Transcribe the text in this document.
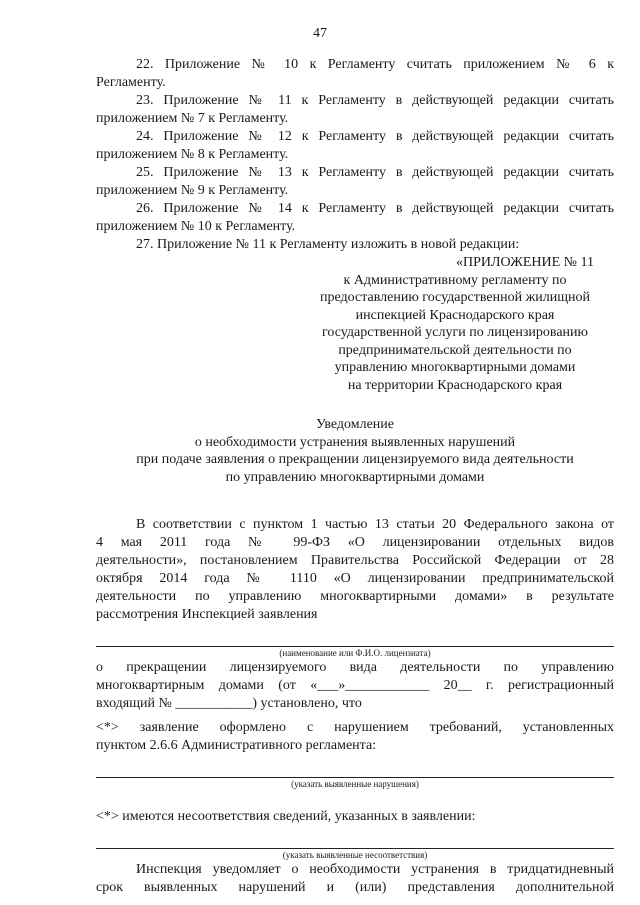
47

22. Приложение № 10 к Регламенту считать приложением № 6 к

Регламенту.

23. Приложение № 11 к Регламенту в действующей редакции считать

приложением № 7 к Регламенту.

24. Приложение № 12 к Регламенту в действующей редакции считать

приложением № 8 к Регламенту.

25. Приложение № 13 к Регламенту в действующей редакции считать

приложением № 9 к Регламенту.

26. Приложение № 14 к Регламенту в действующей редакции считать

приложением № 10 к Регламенту.

27. Приложение № 11 к Регламенту изложить в новой редакции:

«ПРИЛОЖЕНИЕ № 11
к Административному регламенту по
предоставлению государственной жилищной
инспекцией Краснодарского края
государственной услуги по лицензированию
предпринимательской деятельности по
управлению многоквартирными домами
на территории Краснодарского края
Уведомление
о необходимости устранения выявленных нарушений
при подаче заявления о прекращении лицензируемого вида деятельности
по управлению многоквартирными домами

В соответствии с пунктом 1 частью 13 статьи 20 Федерального закона от

4 мая 2011 года № 99-ФЗ «О лицензировании отдельных видов

деятельности», постановлением Правительства Российской Федерации от 28

октября 2014 года № 1110 «О лицензировании предпринимательской

деятельности по управлению многоквартирными домами» в результате

рассмотрения Инспекцией заявления

(наименование или Ф.И.О. лицензиата)

о прекращении лицензируемого вида деятельности по управлению

многоквартирным домами (от «___»____________ 20__ г. регистрационный

входящий № ___________) установлено, что

<*> заявление оформлено с нарушением требований, установленных

пунктом 2.6.6 Административного регламента:

(указать выявленные нарушения)

<*> имеются несоответствия сведений, указанных в заявлении:

(указать выявленные несоответствия)

Инспекция уведомляет о необходимости устранения в тридцатидневный

срок выявленных нарушений и (или) представления дополнительной
